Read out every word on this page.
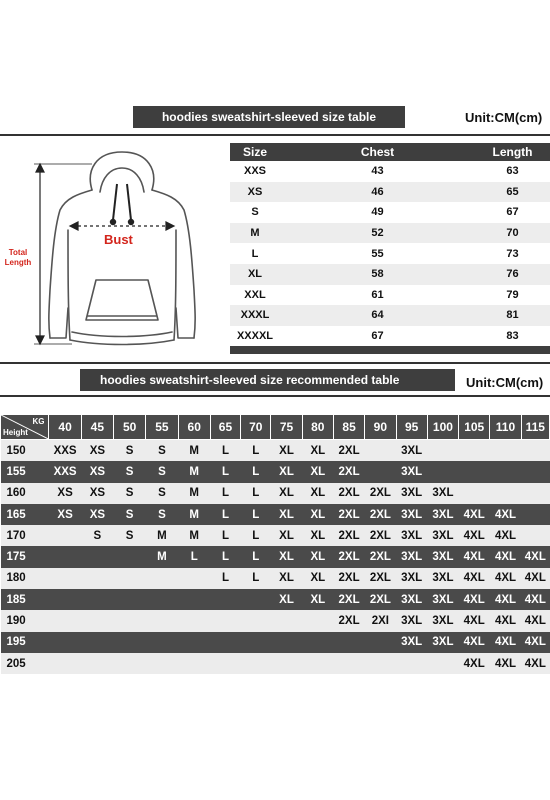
hoodies sweatshirt-sleeved size table	Unit:CM(cm)
Bust
Total
Length
Size	Chest	Length
XXS	43	63
XS	46	65
S	49	67
M	52	70
L	55	73
XL	58	76
XXL	61	79
XXXL	64	81
XXXXL	67	83
hoodies sweatshirt-sleeved size recommended table	Unit:CM(cm)
KG
Height	40	45	50	55	60	65	70	75	80	85	90	95	100	105	110	115
150	XXS	XS	S	S	M	L	L	XL	XL	2XL		3XL				
155	XXS	XS	S	S	M	L	L	XL	XL	2XL		3XL				
160	XS	XS	S	S	M	L	L	XL	XL	2XL	2XL	3XL	3XL			
165	XS	XS	S	S	M	L	L	XL	XL	2XL	2XL	3XL	3XL	4XL	4XL	
170		S	S	M	M	L	L	XL	XL	2XL	2XL	3XL	3XL	4XL	4XL	
175				M	L	L	L	XL	XL	2XL	2XL	3XL	3XL	4XL	4XL	4XL
180						L	L	XL	XL	2XL	2XL	3XL	3XL	4XL	4XL	4XL
185								XL	XL	2XL	2XL	3XL	3XL	4XL	4XL	4XL
190										2XL	2XI	3XL	3XL	4XL	4XL	4XL
195												3XL	3XL	4XL	4XL	4XL
205														4XL	4XL	4XL
